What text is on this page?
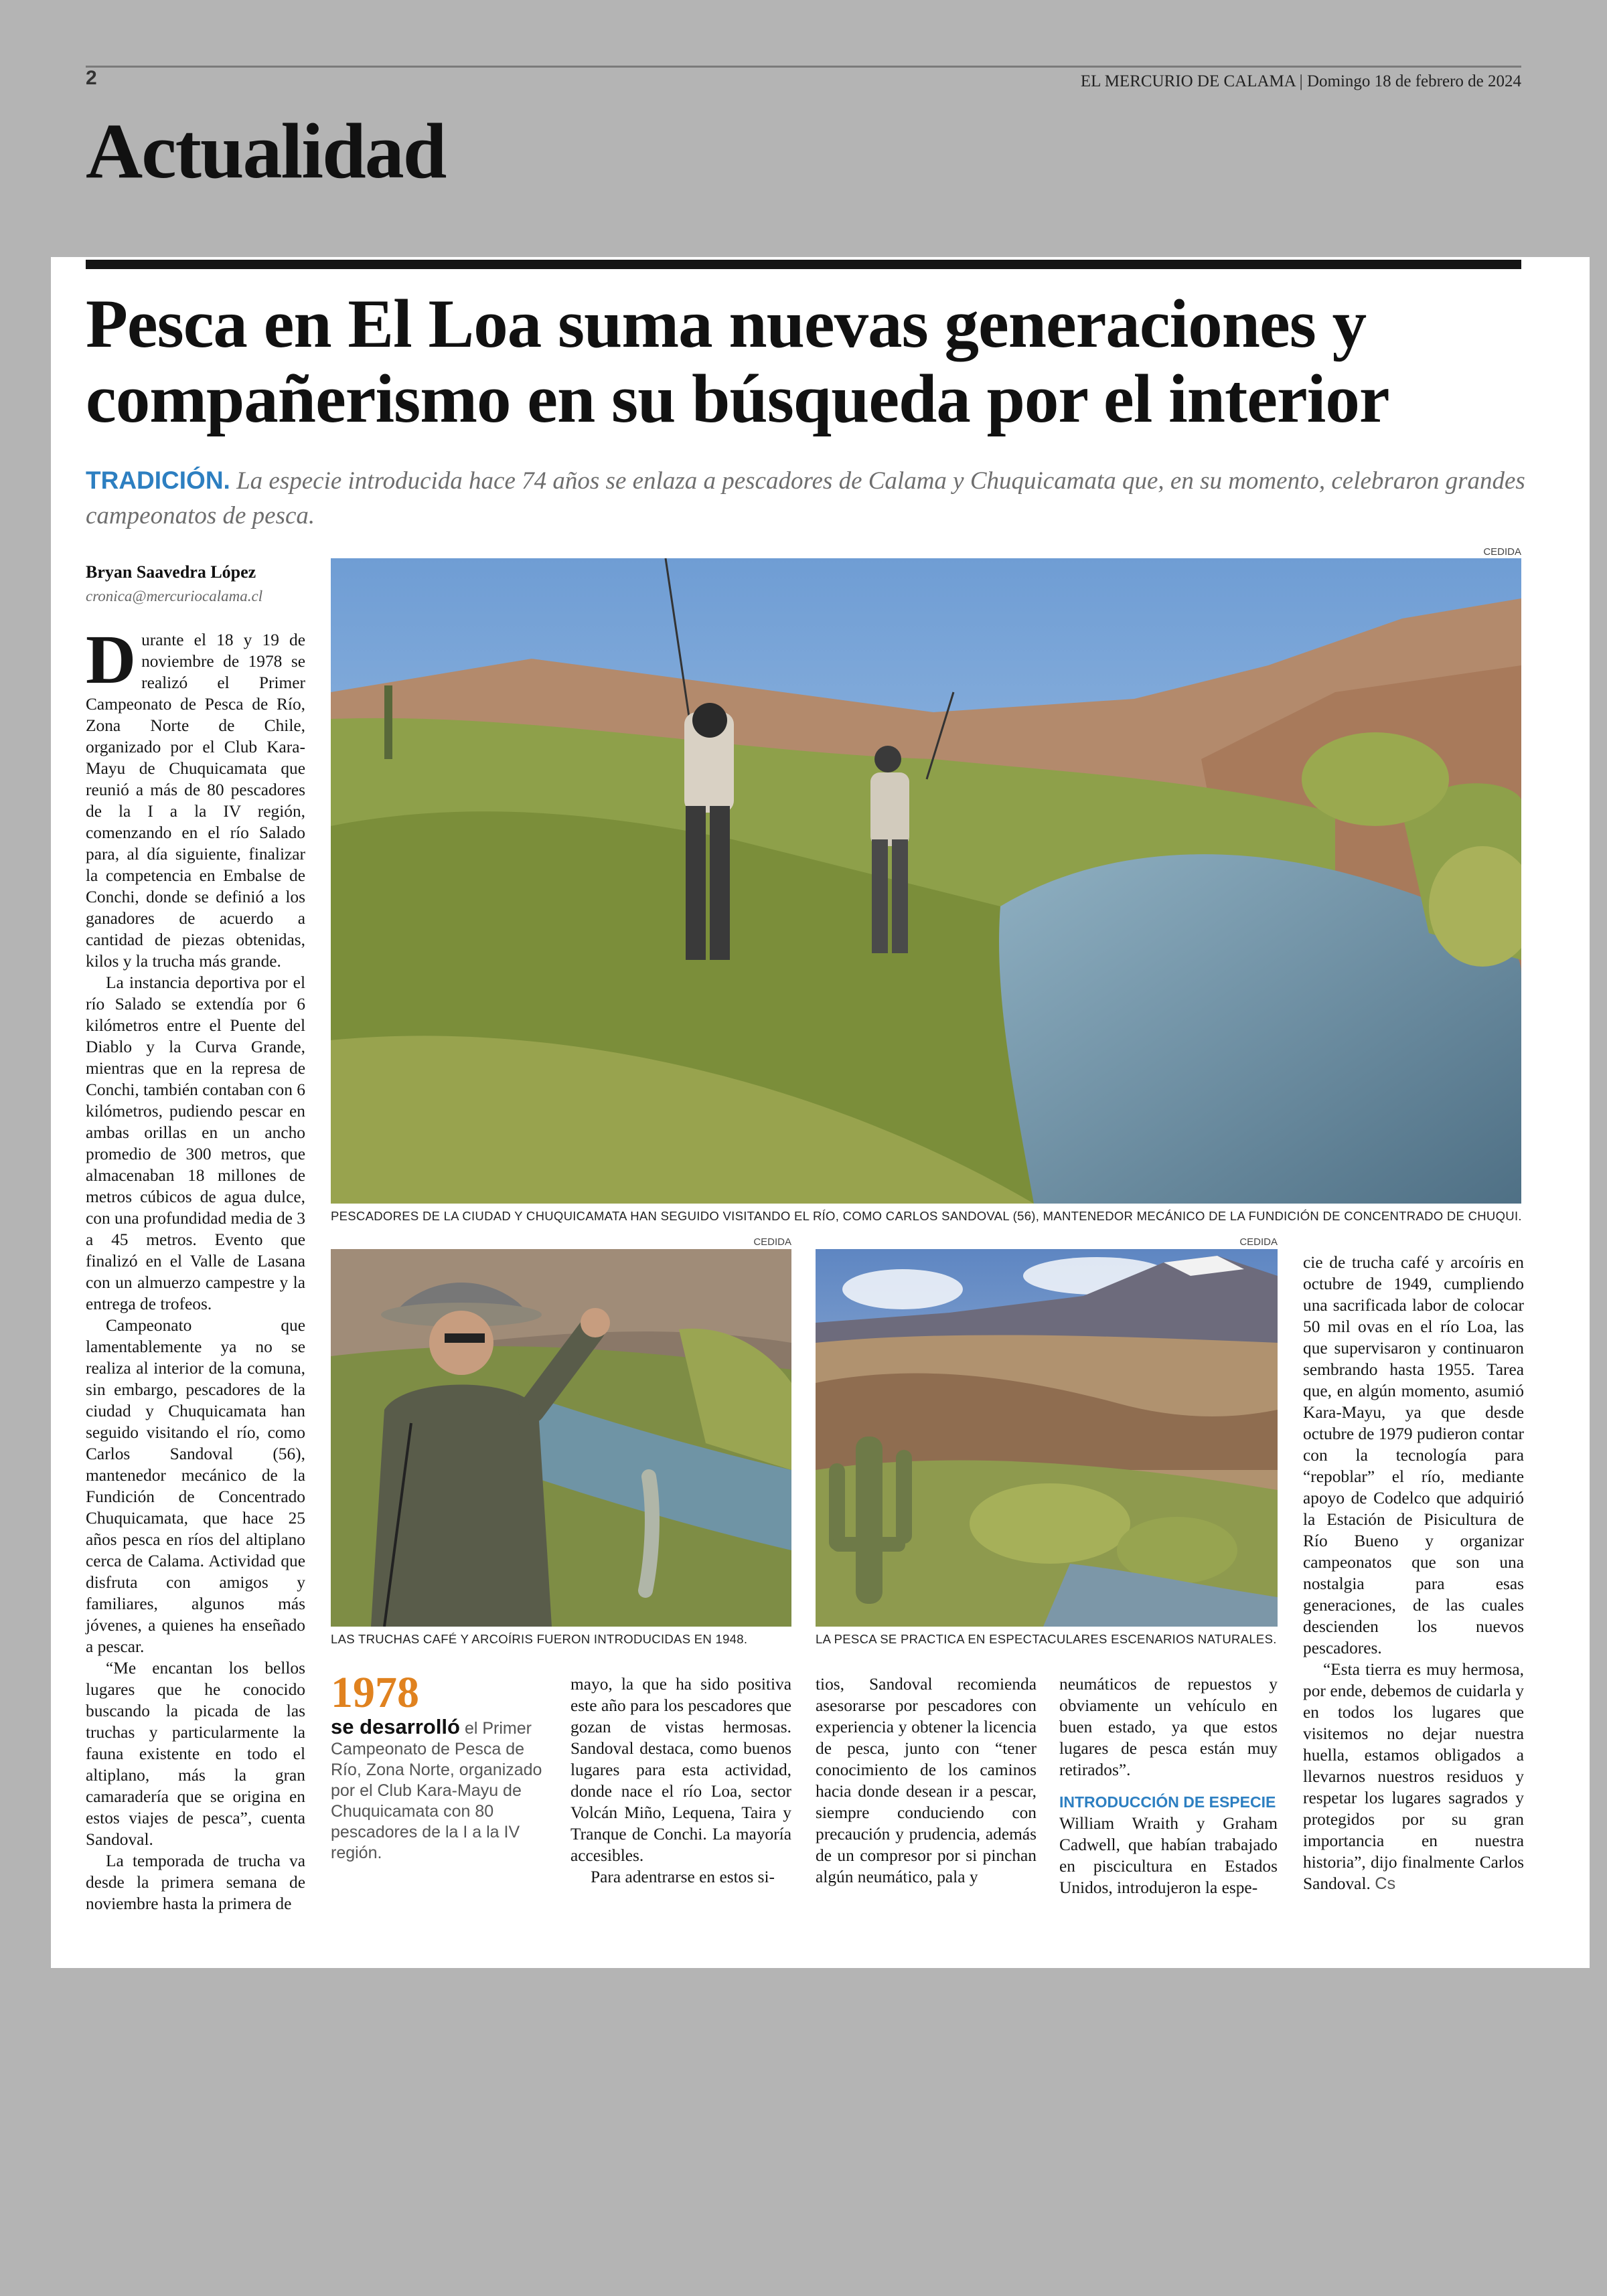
2	EL MERCURIO DE CALAMA | Domingo 18 de febrero de 2024
Actualidad
Pesca en El Loa suma nuevas generaciones y compañerismo en su búsqueda por el interior
TRADICIÓN. La especie introducida hace 74 años se enlaza a pescadores de Calama y Chuquicamata que, en su momento, celebraron grandes campeonatos de pesca.
Bryan Saavedra López
cronica@mercuriocalama.cl

Durante el 18 y 19 de noviembre de 1978 se realizó el Primer Campeonato de Pesca de Río, Zona Norte de Chile, organizado por el Club Kara-Mayu de Chuquicamata que reunió a más de 80 pescadores de la I a la IV región, comenzando en el río Salado para, al día siguiente, finalizar la competencia en Embalse de Conchi, donde se definió a los ganadores de acuerdo a cantidad de piezas obtenidas, kilos y la trucha más grande.

La instancia deportiva por el río Salado se extendía por 6 kilómetros entre el Puente del Diablo y la Curva Grande, mientras que en la represa de Conchi, también contaban con 6 kilómetros, pudiendo pescar en ambas orillas en un ancho promedio de 300 metros, que almacenaban 18 millones de metros cúbicos de agua dulce, con una profundidad media de 3 a 45 metros. Evento que finalizó en el Valle de Lasana con un almuerzo campestre y la entrega de trofeos.

Campeonato que lamentablemente ya no se realiza al interior de la comuna, sin embargo, pescadores de la ciudad y Chuquicamata han seguido visitando el río, como Carlos Sandoval (56), mantenedor mecánico de la Fundición de Concentrado Chuquicamata, que hace 25 años pesca en ríos del altiplano cerca de Calama. Actividad que disfruta con amigos y familiares, algunos más jóvenes, a quienes ha enseñado a pescar.

“Me encantan los bellos lugares que he conocido buscando la picada de las truchas y particularmente la fauna existente en todo el altiplano, más la gran camaradería que se origina en estos viajes de pesca”, cuenta Sandoval.

La temporada de trucha va desde la primera semana de noviembre hasta la primera de

CEDIDA
PESCADORES DE LA CIUDAD Y CHUQUICAMATA HAN SEGUIDO VISITANDO EL RÍO, COMO CARLOS SANDOVAL (56), MANTENEDOR MECÁNICO DE LA FUNDICIÓN DE CONCENTRADO DE CHUQUI.
CEDIDA
LAS TRUCHAS CAFÉ Y ARCOÍRIS FUERON INTRODUCIDAS EN 1948.
CEDIDA
LA PESCA SE PRACTICA EN ESPECTACULARES ESCENARIOS NATURALES.

cie de trucha café y arcoíris en octubre de 1949, cumpliendo una sacrificada labor de colocar 50 mil ovas en el río Loa, las que supervisaron y continuaron sembrando hasta 1955. Tarea que, en algún momento, asumió Kara-Mayu, ya que desde octubre de 1979 pudieron contar con la tecnología para “repoblar” el río, mediante apoyo de Codelco que adquirió la Estación de Pisicultura de Río Bueno y organizar campeonatos que son una nostalgia para esas generaciones, de las cuales descienden los nuevos pescadores.

“Esta tierra es muy hermosa, por ende, debemos de cuidarla y en todos los lugares que visitemos no dejar nuestra huella, estamos obligados a llevarnos nuestros residuos y respetar los lugares sagrados y protegidos por su gran importancia en nuestra historia”, dijo finalmente Carlos Sandoval. Cs

1978
se desarrolló el Primer Campeonato de Pesca de Río, Zona Norte, organizado por el Club Kara-Mayu de Chuquicamata con 80 pescadores de la I a la IV región.

mayo, la que ha sido positiva este año para los pescadores que gozan de vistas hermosas. Sandoval destaca, como buenos lugares para esta actividad, donde nace el río Loa, sector Volcán Miño, Lequena, Taira y Tranque de Conchi. La mayoría accesibles.

Para adentrarse en estos si-

tios, Sandoval recomienda asesorarse por pescadores con experiencia y obtener la licencia de pesca, junto con “tener conocimiento de los caminos hacia donde desean ir a pescar, siempre conduciendo con precaución y prudencia, además de un compresor por si pinchan algún neumático, pala y

neumáticos de repuestos y obviamente un vehículo en buen estado, ya que estos lugares de pesca están muy retirados”.

INTRODUCCIÓN DE ESPECIE

William Wraith y Graham Cadwell, que habían trabajado en piscicultura en Estados Unidos, introdujeron la espe-
